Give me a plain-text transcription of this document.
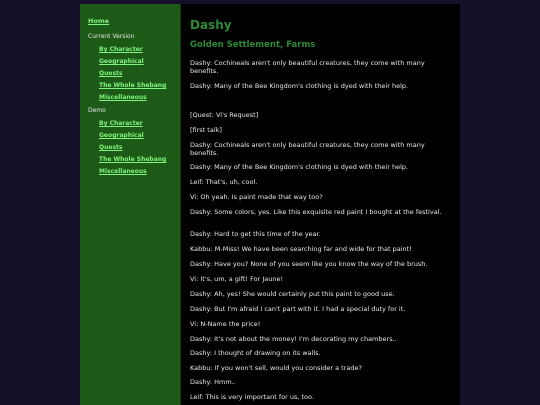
Home
Current Version
By Character
Geographical
Quests
The Whole Shebang
Miscellaneous
Demo
By Character
Geographical
Quests
The Whole Shebang
Miscellaneous
Dashy
Golden Settlement, Farms

Dashy: Cochineals aren't only beautiful creatures, they come with many benefits.

Dashy: Many of the Bee Kingdom's clothing is dyed with their help.

[Quest: Vi's Request]

[first talk]

Dashy: Cochineals aren't only beautiful creatures, they come with many benefits.

Dashy: Many of the Bee Kingdom's clothing is dyed with their help.

Leif: That's, uh, cool.

Vi: Oh yeah. Is paint made that way too?

Dashy: Some colors, yes. Like this exquisite red paint I bought at the festival.

Dashy: Hard to get this time of the year.

Kabbu: M-Miss! We have been searching far and wide for that paint!

Dashy: Have you? None of you seem like you know the way of the brush.

Vi: It's, um, a gift! For Jaune!

Dashy: Ah, yes! She would certainly put this paint to good use.

Dashy: But I'm afraid I can't part with it. I had a special duty for it.

Vi: N-Name the price!

Dashy: It's not about the money! I'm decorating my chambers..

Dashy: I thought of drawing on its walls.

Kabbu: If you won't sell, would you consider a trade?

Dashy: Hmm..

Leif: This is very important for us, too.
